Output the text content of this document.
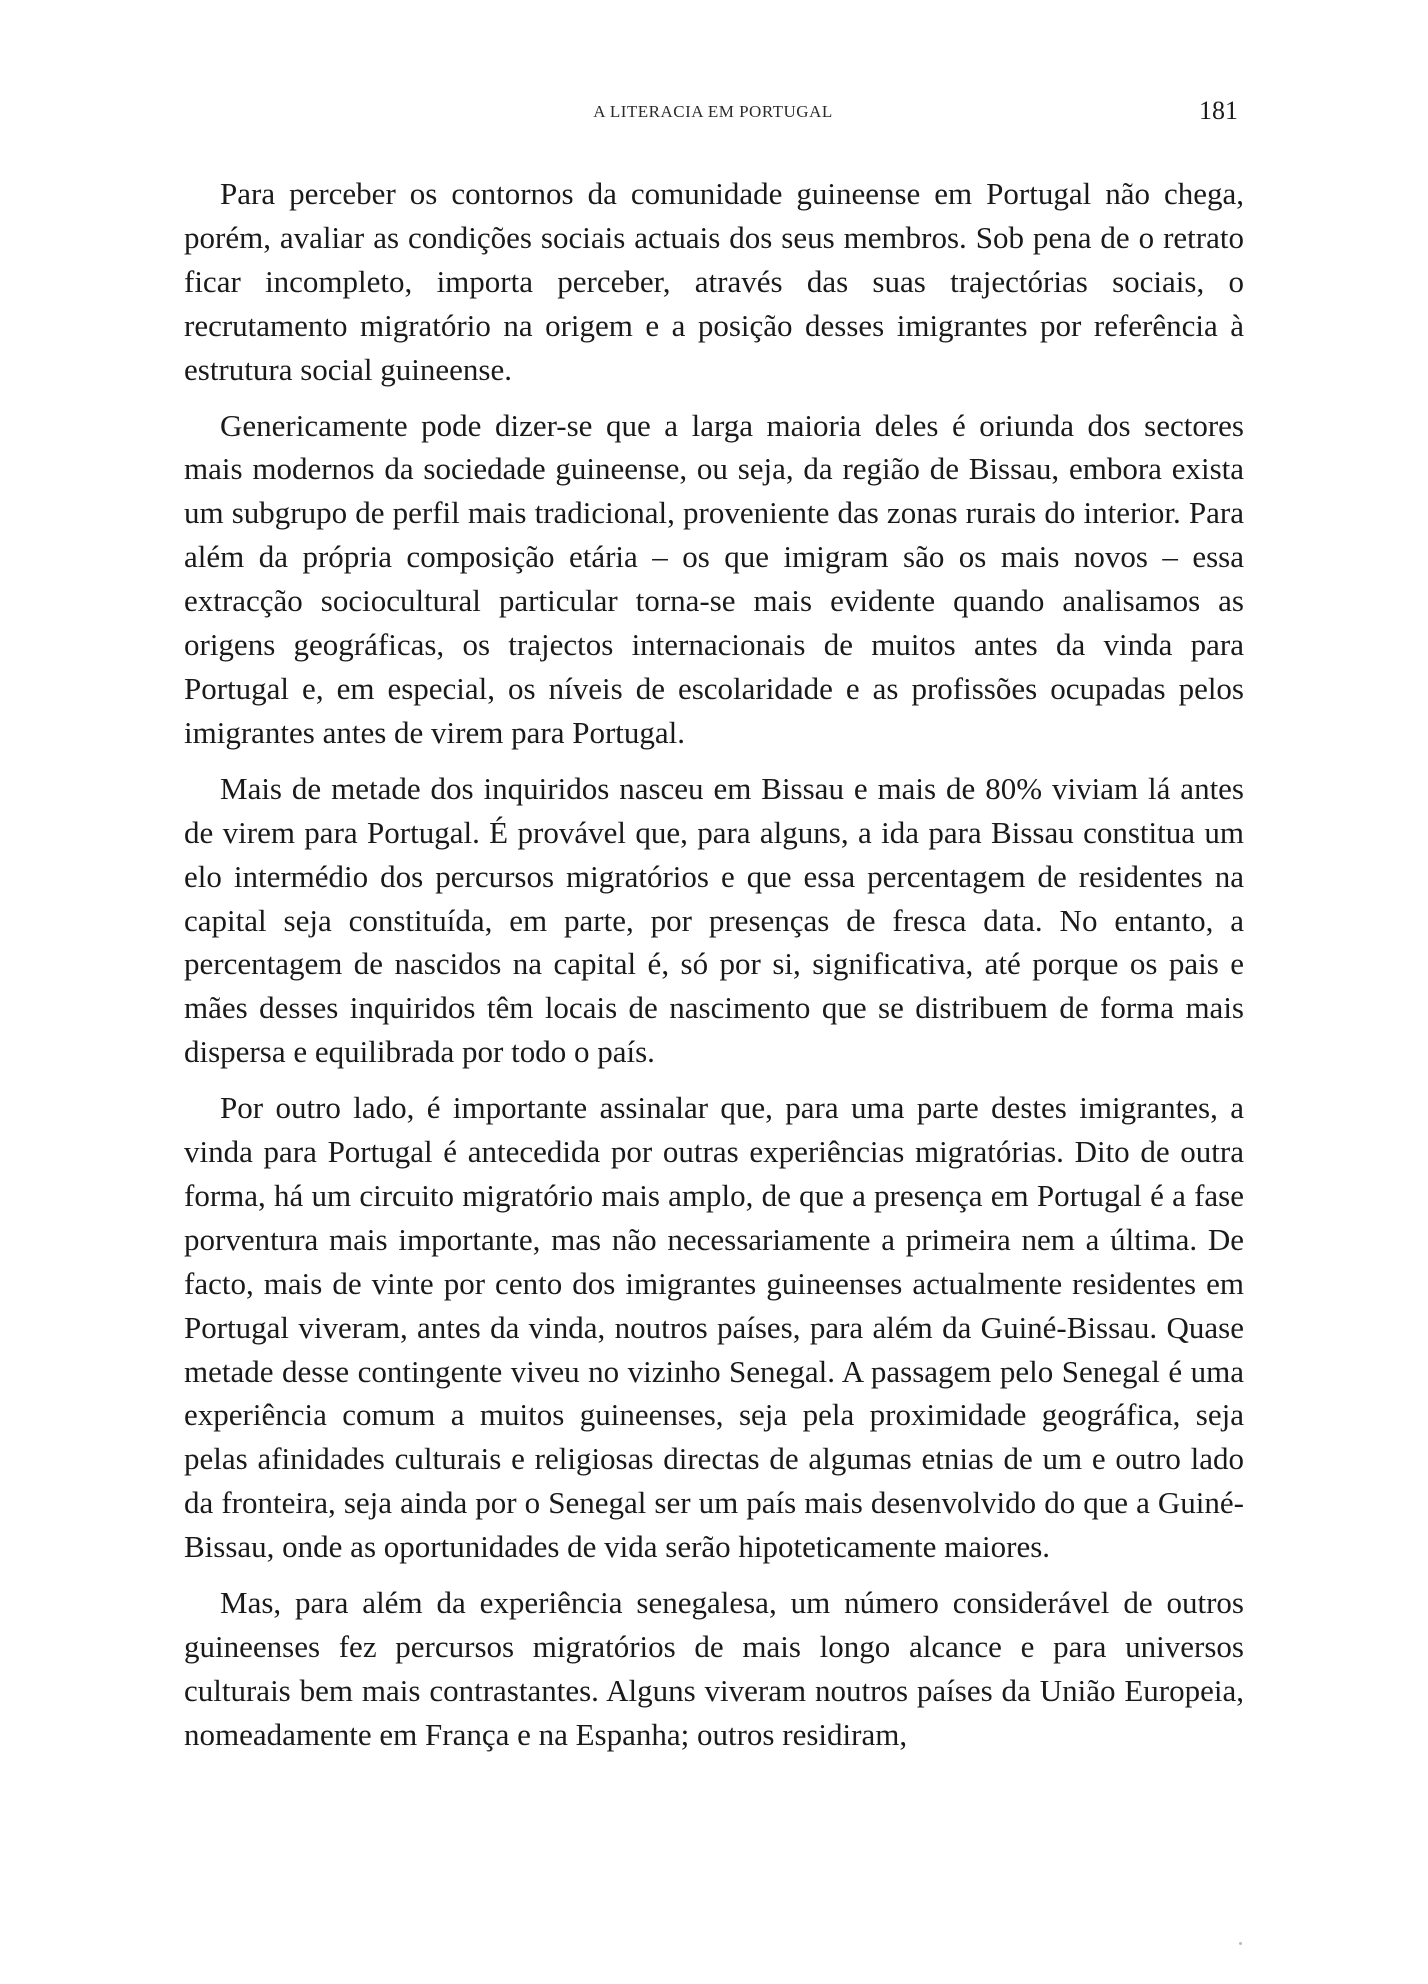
A LITERACIA EM PORTUGAL	181

Para perceber os contornos da comunidade guineense em Portugal não chega, porém, avaliar as condições sociais actuais dos seus membros. Sob pena de o retrato ficar incompleto, importa perceber, através das suas trajectórias sociais, o recrutamento migratório na origem e a posição desses imigrantes por referência à estrutura social guineense.

Genericamente pode dizer-se que a larga maioria deles é oriunda dos sectores mais modernos da sociedade guineense, ou seja, da região de Bissau, embora exista um subgrupo de perfil mais tradicional, proveniente das zonas rurais do interior. Para além da própria composição etária – os que imigram são os mais novos – essa extracção sociocultural particular torna-se mais evidente quando analisamos as origens geográficas, os trajectos internacionais de muitos antes da vinda para Portugal e, em especial, os níveis de escolaridade e as profissões ocupadas pelos imigrantes antes de virem para Portugal.

Mais de metade dos inquiridos nasceu em Bissau e mais de 80% viviam lá antes de virem para Portugal. É provável que, para alguns, a ida para Bissau constitua um elo intermédio dos percursos migratórios e que essa percentagem de residentes na capital seja constituída, em parte, por presenças de fresca data. No entanto, a percentagem de nascidos na capital é, só por si, significativa, até porque os pais e mães desses inquiridos têm locais de nascimento que se distribuem de forma mais dispersa e equilibrada por todo o país.

Por outro lado, é importante assinalar que, para uma parte destes imigrantes, a vinda para Portugal é antecedida por outras experiências migratórias. Dito de outra forma, há um circuito migratório mais amplo, de que a presença em Portugal é a fase porventura mais importante, mas não necessariamente a primeira nem a última. De facto, mais de vinte por cento dos imigrantes guineenses actualmente residentes em Portugal viveram, antes da vinda, noutros países, para além da Guiné-Bissau. Quase metade desse contingente viveu no vizinho Senegal. A passagem pelo Senegal é uma experiência comum a muitos guineenses, seja pela proximidade geográfica, seja pelas afinidades culturais e religiosas directas de algumas etnias de um e outro lado da fronteira, seja ainda por o Senegal ser um país mais desenvolvido do que a Guiné-Bissau, onde as oportunidades de vida serão hipoteticamente maiores.

Mas, para além da experiência senegalesa, um número considerável de outros guineenses fez percursos migratórios de mais longo alcance e para universos culturais bem mais contrastantes. Alguns viveram noutros países da União Europeia, nomeadamente em França e na Espanha; outros residiram,
